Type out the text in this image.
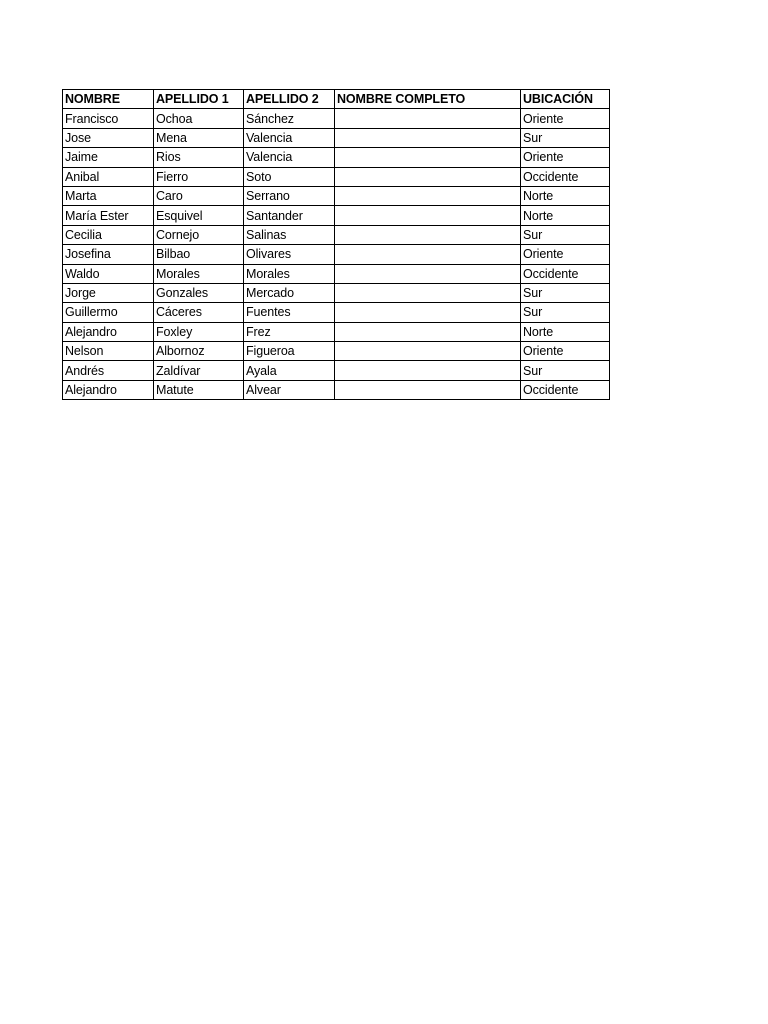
NOMBRE	APELLIDO 1	APELLIDO 2	NOMBRE COMPLETO	UBICACIÓN
Francisco	Ochoa	Sánchez		Oriente
Jose	Mena	Valencia		Sur
Jaime	Rios	Valencia		Oriente
Anibal	Fierro	Soto		Occidente
Marta	Caro	Serrano		Norte
María Ester	Esquivel	Santander		Norte
Cecilia	Cornejo	Salinas		Sur
Josefina	Bilbao	Olivares		Oriente
Waldo	Morales	Morales		Occidente
Jorge	Gonzales	Mercado		Sur
Guillermo	Cáceres	Fuentes		Sur
Alejandro	Foxley	Frez		Norte
Nelson	Albornoz	Figueroa		Oriente
Andrés	Zaldívar	Ayala		Sur
Alejandro	Matute	Alvear		Occidente
